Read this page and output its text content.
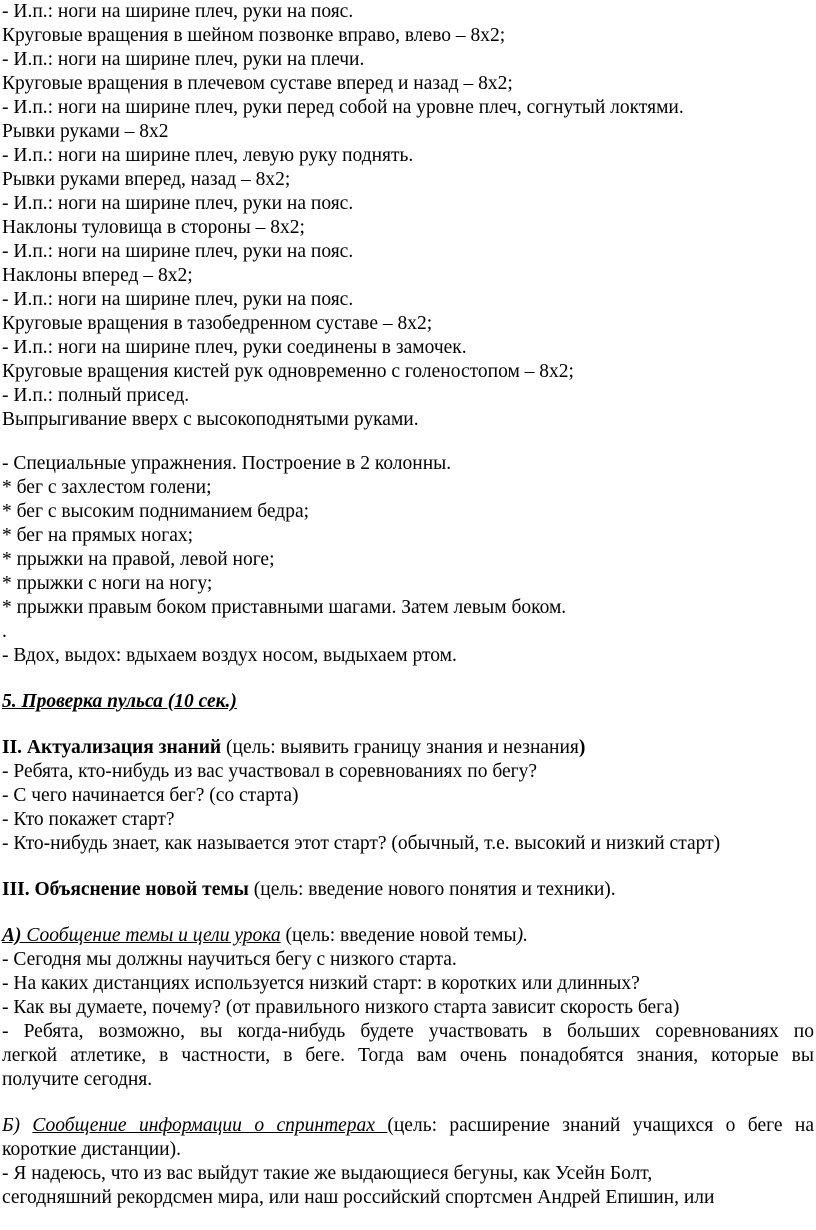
- И.п.: ноги на ширине плеч, руки на пояс.
Круговые вращения в шейном позвонке вправо, влево – 8х2;
- И.п.: ноги на ширине плеч, руки на плечи.
Круговые вращения в плечевом суставе вперед и назад – 8х2;
- И.п.: ноги на ширине плеч, руки перед собой на уровне плеч, согнутый локтями.
Рывки руками – 8х2
- И.п.: ноги на ширине плеч, левую руку поднять.
Рывки руками вперед, назад – 8х2;
- И.п.: ноги на ширине плеч, руки на пояс.
Наклоны туловища в стороны – 8х2;
- И.п.: ноги на ширине плеч, руки на пояс.
Наклоны вперед – 8х2;
- И.п.: ноги на ширине плеч, руки на пояс.
Круговые вращения в тазобедренном суставе – 8х2;
- И.п.: ноги на ширине плеч, руки соединены в замочек.
Круговые вращения кистей рук одновременно с голеностопом – 8х2;
- И.п.: полный присед.
Выпрыгивание вверх с высокоподнятыми руками.
- Специальные упражнения. Построение в 2 колонны.
* бег с захлестом голени;
* бег с высоким подниманием бедра;
* бег на прямых ногах;
* прыжки на правой, левой ноге;
* прыжки с ноги на ногу;
* прыжки правым боком приставными шагами. Затем левым боком.
.
- Вдох, выдох: вдыхаем воздух носом, выдыхаем ртом.
5. Проверка пульса (10 сек.)
II. Актуализация знаний (цель: выявить границу знания и незнания)
- Ребята, кто-нибудь из вас участвовал в соревнованиях по бегу?
- С чего начинается бег? (со старта)
- Кто покажет старт?
- Кто-нибудь знает, как называется этот старт? (обычный, т.е. высокий и низкий старт)
III. Объяснение новой темы (цель: введение нового понятия и техники).
А) Сообщение темы и цели урока (цель: введение новой темы).
- Сегодня мы должны научиться бегу с низкого старта.
- На каких дистанциях используется низкий старт: в коротких или длинных?
- Как вы думаете, почему? (от правильного низкого старта зависит скорость бега)
- Ребята, возможно, вы когда-нибудь будете участвовать в больших соревнованиях по
легкой атлетике, в частности, в беге. Тогда вам очень понадобятся знания, которые вы
получите сегодня.
Б) Сообщение информации о спринтерах (цель: расширение знаний учащихся о беге на
короткие дистанции).
- Я надеюсь, что из вас выйдут такие же выдающиеся бегуны, как Усейн Болт,
сегодняшний рекордсмен мира, или наш российский спортсмен Андрей Епишин, или
